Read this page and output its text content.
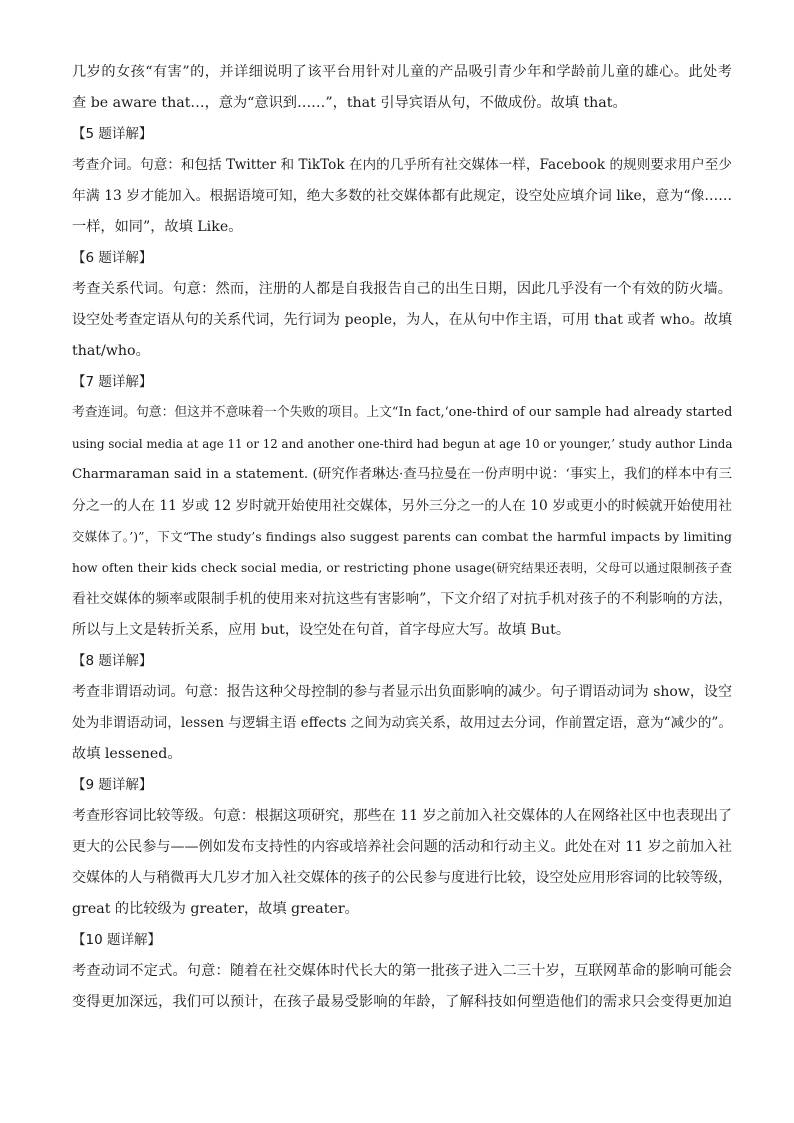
几岁的女孩“有害”的，并详细说明了该平台用针对儿童的产品吸引青少年和学龄前儿童的雄心。此处考
查 be aware that…，意为“意识到……”，that 引导宾语从句，不做成份。故填 that。
【5 题详解】
考查介词。句意：和包括 Twitter 和 TikTok 在内的几乎所有社交媒体一样，Facebook 的规则要求用户至少
年满 13 岁才能加入。根据语境可知，绝大多数的社交媒体都有此规定，设空处应填介词 like，意为“像……
一样，如同”，故填 Like。
【6 题详解】
考查关系代词。句意：然而，注册的人都是自我报告自己的出生日期，因此几乎没有一个有效的防火墙。
设空处考查定语从句的关系代词，先行词为 people，为人，在从句中作主语，可用 that 或者 who。故填
that/who。
【7 题详解】
考查连词。句意：但这并不意味着一个失败的项目。上文“In fact,‘one-third of our sample had already started
using social media at age 11 or 12 and another one-third had begun at age 10 or younger,’ study author Linda
Charmaraman said in a statement. (研究作者琳达·查马拉曼在一份声明中说：‘事实上，我们的样本中有三
分之一的人在 11 岁或 12 岁时就开始使用社交媒体，另外三分之一的人在 10 岁或更小的时候就开始使用社
交媒体了。’)”，下文“The study’s findings also suggest parents can combat the harmful impacts by limiting
how often their kids check social media, or restricting phone usage(研究结果还表明，父母可以通过限制孩子查
看社交媒体的频率或限制手机的使用来对抗这些有害影响”，下文介绍了对抗手机对孩子的不利影响的方法，
所以与上文是转折关系，应用 but，设空处在句首，首字母应大写。故填 But。
【8 题详解】
考查非谓语动词。句意：报告这种父母控制的参与者显示出负面影响的减少。句子谓语动词为 show，设空
处为非谓语动词，lessen 与逻辑主语 effects 之间为动宾关系，故用过去分词，作前置定语，意为“减少的”。
故填 lessened。
【9 题详解】
考查形容词比较等级。句意：根据这项研究，那些在 11 岁之前加入社交媒体的人在网络社区中也表现出了
更大的公民参与——例如发布支持性的内容或培养社会问题的活动和行动主义。此处在对 11 岁之前加入社
交媒体的人与稍微再大几岁才加入社交媒体的孩子的公民参与度进行比较，设空处应用形容词的比较等级，
great 的比较级为 greater，故填 greater。
【10 题详解】
考查动词不定式。句意：随着在社交媒体时代长大的第一批孩子进入二三十岁，互联网革命的影响可能会
变得更加深远，我们可以预计，在孩子最易受影响的年龄，了解科技如何塑造他们的需求只会变得更加迫
